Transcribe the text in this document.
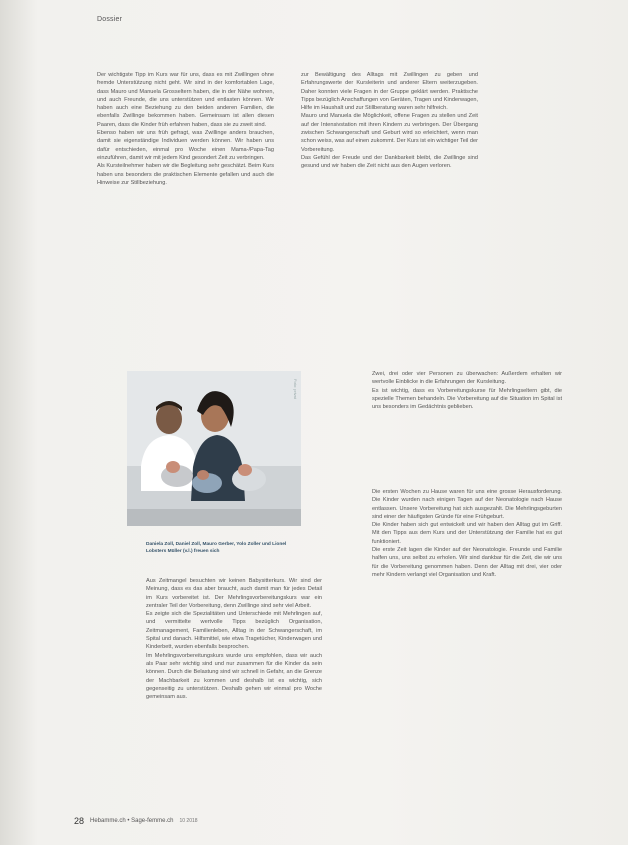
Dossier

Der wichtigste Tipp im Kurs war für uns, dass es mit Zwillingen ohne fremde Unterstützung nicht geht. Wir sind in der komfortablen Lage, dass Mauro und Manuela Grosseltern haben, die in der Nähe wohnen, und auch Freunde, die uns unterstützen und entlasten können. Wir haben auch eine Beziehung zu den beiden anderen Familien, die ebenfalls Zwillinge bekommen haben. Gemeinsam ist allen diesen Paaren, dass die Kinder früh erfahren haben, dass sie zu zweit sind.

Ebenso haben wir uns früh gefragt, was Zwillinge anders brauchen, damit sie eigenständige Individuen werden können. Wir haben uns dafür entschieden, einmal pro Woche einen Mama-/Papa-Tag einzuführen, damit wir mit jedem Kind gesondert Zeit zu verbringen.

Als Kursteilnehmer haben wir die Begleitung sehr geschätzt. Beim Kurs haben uns besonders die praktischen Elemente gefallen und auch die Hinweise zur Stillbeziehung.

zur Bewältigung des Alltags mit Zwillingen zu geben und Erfahrungswerte der Kursleiterin und anderer Eltern weiterzugeben. Daher konnten viele Fragen in der Gruppe geklärt werden. Praktische Tipps bezüglich Anschaffungen von Geräten, Tragen und Kinderwagen, Hilfe im Haushalt und zur Stillberatung waren sehr hilfreich.

Mauro und Manuela die Möglichkeit, offene Fragen zu stellen und Zeit auf der Intensivstation mit ihren Kindern zu verbringen. Der Übergang zwischen Schwangerschaft und Geburt wird so erleichtert, wenn man schon weiss, was auf einen zukommt. Der Kurs ist ein wichtiger Teil der Vorbereitung.

Das Gefühl der Freude und der Dankbarkeit bleibt, die Zwillinge sind gesund und wir haben die Zeit nicht aus den Augen verloren.

Foto: privat
Daniela Zoll, Daniel Zoll, Mauro Gerber, Yolo Zoller und Lionel Lobsters Müller (v.l.) freuen sich

Zwei, drei oder vier Personen zu überwachen: Außerdem erhalten wir wertvolle Einblicke in die Erfahrungen der Kursleitung.

Es ist wichtig, dass es Vorbereitungskurse für Mehrlingseltern gibt, die spezielle Themen behandeln. Die Vorbereitung auf die Situation im Spital ist uns besonders im Gedächtnis geblieben.

Aus Zeitmangel besuchten wir keinen Babysitterkurs. Wir sind der Meinung, dass es das aber braucht, auch damit man für jedes Detail im Kurs vorbereitet ist. Der Mehrlingsvorbereitungskurs war ein zentraler Teil der Vorbereitung, denn Zwillinge sind sehr viel Arbeit.

Es zeigte sich die Spezialitäten und Unterschiede mit Mehrlingen auf, und vermittelte wertvolle Tipps bezüglich Organisation, Zeitmanagement, Familienleben, Alltag in der Schwangerschaft, im Spital und danach. Hilfsmittel, wie etwa Tragetücher, Kinderwagen und Kinderbett, wurden ebenfalls besprochen.

Im Mehrlingsvorbereitungskurs wurde uns empfohlen, dass wir auch als Paar sehr wichtig sind und nur zusammen für die Kinder da sein können. Durch die Belastung sind wir schnell in Gefahr, an die Grenze der Machbarkeit zu kommen und deshalb ist es wichtig, sich gegenseitig zu unterstützen. Deshalb gehen wir einmal pro Woche gemeinsam aus.

Die ersten Wochen zu Hause waren für uns eine grosse Herausforderung. Die Kinder wurden nach einigen Tagen auf der Neonatologie nach Hause entlassen. Unsere Vorbereitung hat sich ausgezahlt. Die Mehrlingsgeburten sind einer der häufigsten Gründe für eine Frühgeburt.

Die Kinder haben sich gut entwickelt und wir haben den Alltag gut im Griff. Mit den Tipps aus dem Kurs und der Unterstützung der Familie hat es gut funktioniert.

Die erste Zeit lagen die Kinder auf der Neonatologie. Freunde und Familie halfen uns, uns selbst zu erholen. Wir sind dankbar für die Zeit, die wir uns für die Vorbereitung genommen haben. Denn der Alltag mit drei, vier oder mehr Kindern verlangt viel Organisation und Kraft.

28 Hebamme.ch • Sage-femme.ch 10 2018
